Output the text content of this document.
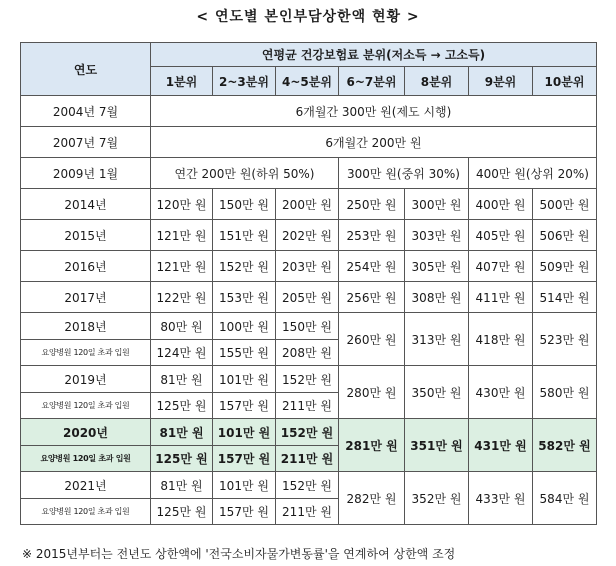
< 연도별 본인부담상한액 현황 >
연도	연평균 건강보험료 분위(저소득 → 고소득)						
	1분위	2~3분위	4~5분위	6~7분위	8분위	9분위	10분위
2004년 7월	6개월간 300만 원(제도 시행)						
2007년 7월	6개월간 200만 원						
2009년 1월	연간 200만 원(하위 50%)			300만 원(중위 30%)		400만 원(상위 20%)	
2014년	120만 원	150만 원	200만 원	250만 원	300만 원	400만 원	500만 원
2015년	121만 원	151만 원	202만 원	253만 원	303만 원	405만 원	506만 원
2016년	121만 원	152만 원	203만 원	254만 원	305만 원	407만 원	509만 원
2017년	122만 원	153만 원	205만 원	256만 원	308만 원	411만 원	514만 원
2018년	80만 원	100만 원	150만 원	260만 원	313만 원	418만 원	523만 원
요양병원 120일 초과 입원	124만 원	155만 원	208만 원				
2019년	81만 원	101만 원	152만 원	280만 원	350만 원	430만 원	580만 원
요양병원 120일 초과 입원	125만 원	157만 원	211만 원				
2020년	81만 원	101만 원	152만 원	281만 원	351만 원	431만 원	582만 원
요양병원 120일 초과 입원	125만 원	157만 원	211만 원				
2021년	81만 원	101만 원	152만 원	282만 원	352만 원	433만 원	584만 원
요양병원 120일 초과 입원	125만 원	157만 원	211만 원				
※ 2015년부터는 전년도 상한액에 '전국소비자물가변동률'을 연계하여 상한액 조정
